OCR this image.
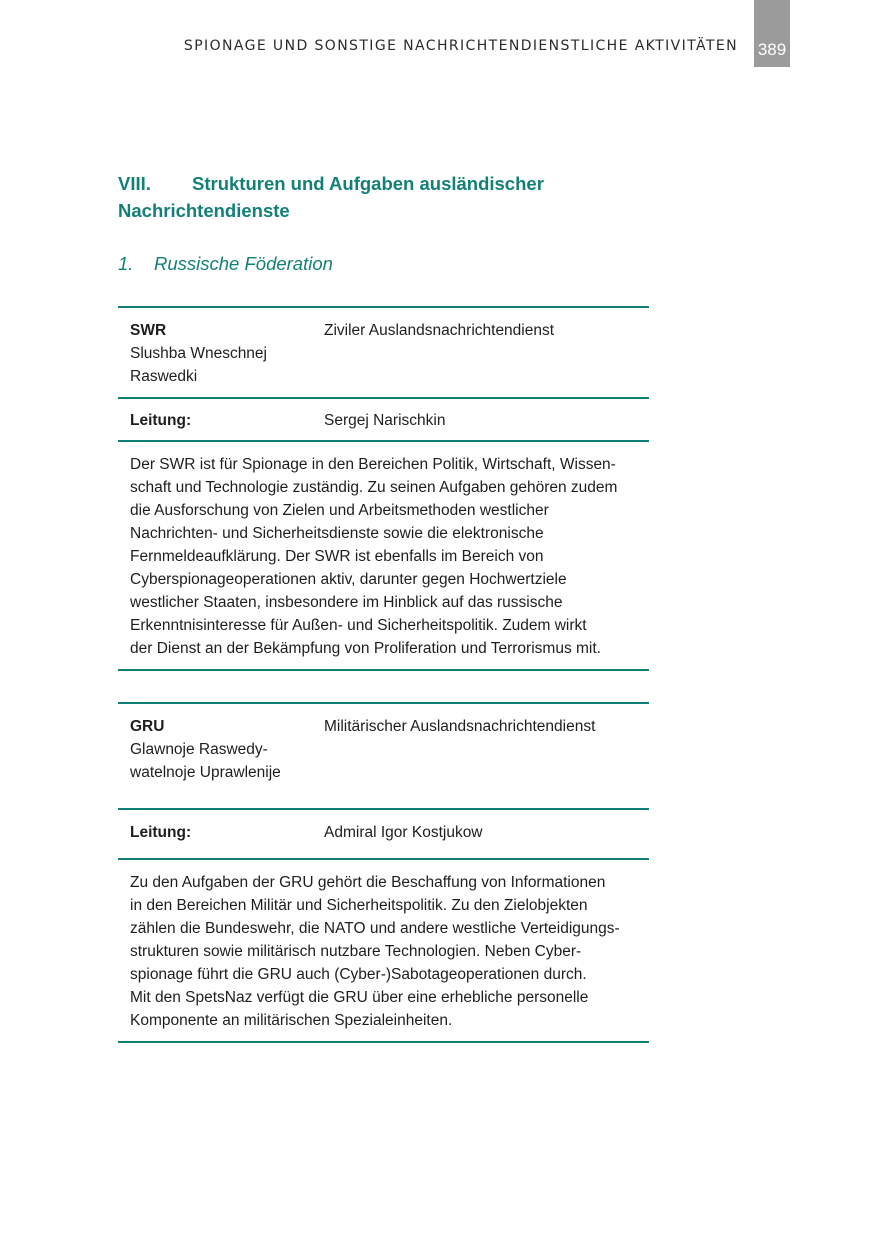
SPIONAGE UND SONSTIGE NACHRICHTENDIENSTLICHE AKTIVITÄTEN 389
VIII. Strukturen und Aufgaben ausländischer
Nachrichtendienste
1. Russische Föderation
SWR
Slushba Wneschnej
Raswedki
Ziviler Auslandsnachrichtendienst
Leitung:	Sergej Narischkin
Der SWR ist für Spionage in den Bereichen Politik, Wirtschaft, Wissen-
schaft und Technologie zuständig. Zu seinen Aufgaben gehören zudem
die Ausforschung von Zielen und Arbeitsmethoden westlicher
Nachrichten- und Sicherheitsdienste sowie die elektronische
Fernmeldeaufklärung. Der SWR ist ebenfalls im Bereich von
Cyberspionageoperationen aktiv, darunter gegen Hochwertziele
westlicher Staaten, insbesondere im Hinblick auf das russische
Erkenntnisinteresse für Außen- und Sicherheitspolitik. Zudem wirkt
der Dienst an der Bekämpfung von Proliferation und Terrorismus mit.
GRU
Glawnoje Raswedy-
watelnoje Uprawlenije
Militärischer Auslandsnachrichtendienst
Leitung:	Admiral Igor Kostjukow
Zu den Aufgaben der GRU gehört die Beschaffung von Informationen
in den Bereichen Militär und Sicherheitspolitik. Zu den Zielobjekten
zählen die Bundeswehr, die NATO und andere westliche Verteidigungs-
strukturen sowie militärisch nutzbare Technologien. Neben Cyber-
spionage führt die GRU auch (Cyber-)Sabotageoperationen durch.
Mit den SpetsNaz verfügt die GRU über eine erhebliche personelle
Komponente an militärischen Spezialeinheiten.
